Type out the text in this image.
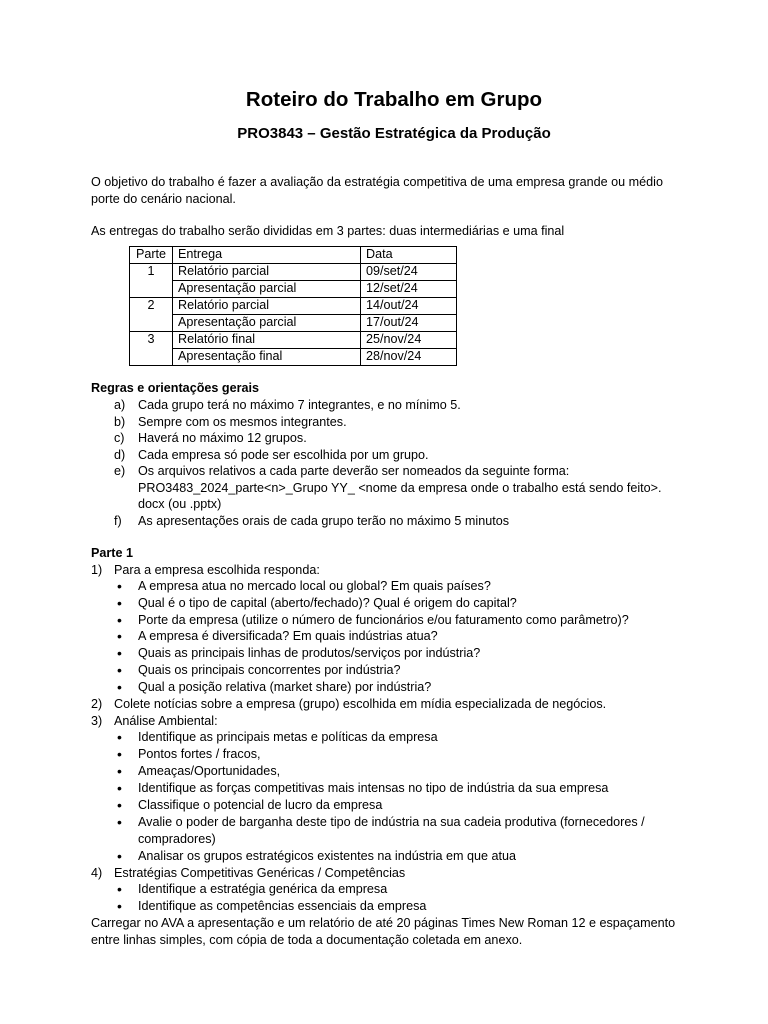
Roteiro do Trabalho em Grupo
PRO3843 – Gestão Estratégica da Produção
O objetivo do trabalho é fazer a avaliação da estratégia competitiva de uma empresa grande ou médio
porte do cenário nacional.
As entregas do trabalho serão divididas em 3 partes: duas intermediárias e uma final
Parte	Entrega	Data
1	Relatório parcial	09/set/24
	Apresentação parcial	12/set/24
2	Relatório parcial	14/out/24
	Apresentação parcial	17/out/24
3	Relatório final	25/nov/24
	Apresentação final	28/nov/24
Regras e orientações gerais
a) Cada grupo terá no máximo 7 integrantes, e no mínimo 5.
b) Sempre com os mesmos integrantes.
c) Haverá no máximo 12 grupos.
d) Cada empresa só pode ser escolhida por um grupo.
e) Os arquivos relativos a cada parte deverão ser nomeados da seguinte forma:
PRO3483_2024_parte<n>_Grupo YY_ <nome da empresa onde o trabalho está sendo feito>.
docx (ou .pptx)
f) As apresentações orais de cada grupo terão no máximo 5 minutos
Parte 1
1) Para a empresa escolhida responda:
• A empresa atua no mercado local ou global? Em quais países?
• Qual é o tipo de capital (aberto/fechado)? Qual é origem do capital?
• Porte da empresa (utilize o número de funcionários e/ou faturamento como parâmetro)?
• A empresa é diversificada? Em quais indústrias atua?
• Quais as principais linhas de produtos/serviços por indústria?
• Quais os principais concorrentes por indústria?
• Qual a posição relativa (market share) por indústria?
2) Colete notícias sobre a empresa (grupo) escolhida em mídia especializada de negócios.
3) Análise Ambiental:
• Identifique as principais metas e políticas da empresa
• Pontos fortes / fracos,
• Ameaças/Oportunidades,
• Identifique as forças competitivas mais intensas no tipo de indústria da sua empresa
• Classifique o potencial de lucro da empresa
• Avalie o poder de barganha deste tipo de indústria na sua cadeia produtiva (fornecedores /
compradores)
• Analisar os grupos estratégicos existentes na indústria em que atua
4) Estratégias Competitivas Genéricas / Competências
• Identifique a estratégia genérica da empresa
• Identifique as competências essenciais da empresa
Carregar no AVA a apresentação e um relatório de até 20 páginas Times New Roman 12 e espaçamento
entre linhas simples, com cópia de toda a documentação coletada em anexo.
